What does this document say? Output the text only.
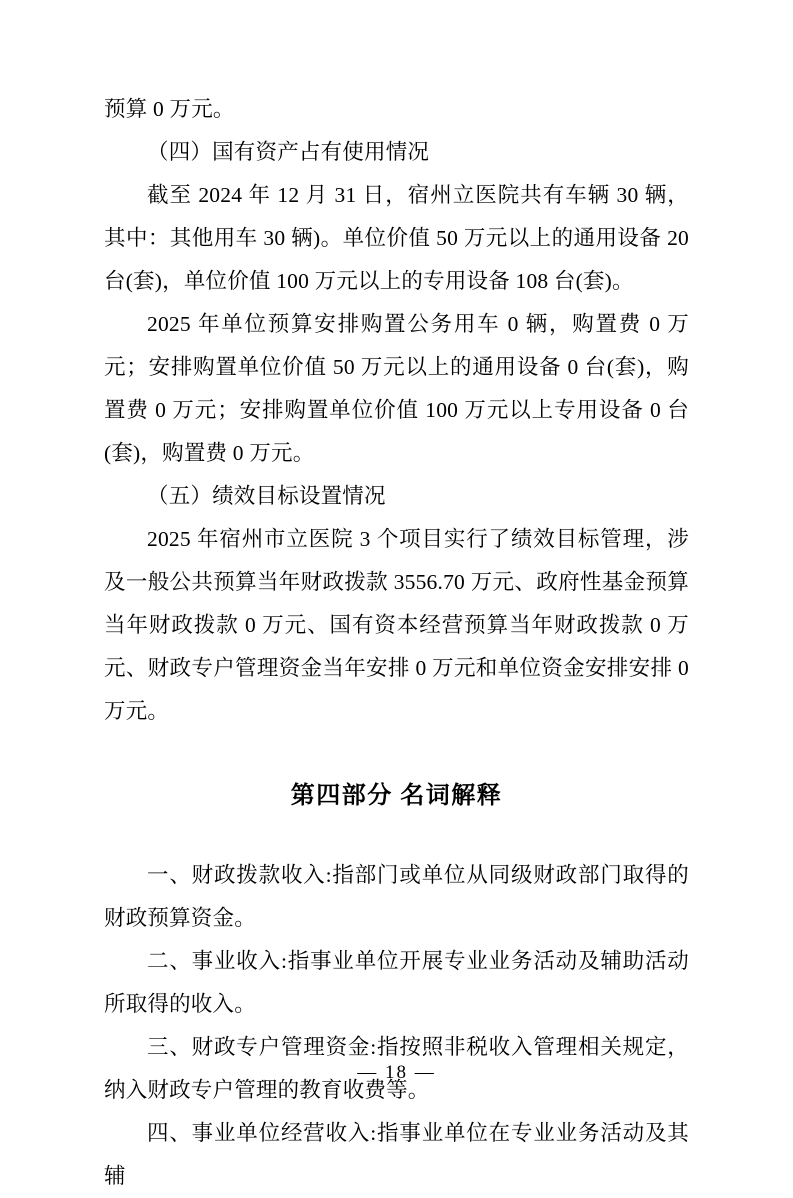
预算 0 万元。

（四）国有资产占有使用情况

截至 2024 年 12 月 31 日，宿州立医院共有车辆 30 辆，其中：其他用车 30 辆)。单位价值 50 万元以上的通用设备 20 台(套)，单位价值 100 万元以上的专用设备 108 台(套)。

2025 年单位预算安排购置公务用车 0 辆，购置费 0 万元；安排购置单位价值 50 万元以上的通用设备 0 台(套)，购置费 0 万元；安排购置单位价值 100 万元以上专用设备 0 台(套)，购置费 0 万元。

（五）绩效目标设置情况

2025 年宿州市立医院 3 个项目实行了绩效目标管理，涉及一般公共预算当年财政拨款 3556.70 万元、政府性基金预算当年财政拨款 0 万元、国有资本经营预算当年财政拨款 0 万元、财政专户管理资金当年安排 0 万元和单位资金安排安排 0 万元。

第四部分 名词解释

一、财政拨款收入:指部门或单位从同级财政部门取得的财政预算资金。

二、事业收入:指事业单位开展专业业务活动及辅助活动所取得的收入。

三、财政专户管理资金:指按照非税收入管理相关规定，纳入财政专户管理的教育收费等。

四、事业单位经营收入:指事业单位在专业业务活动及其辅

— 18 —
